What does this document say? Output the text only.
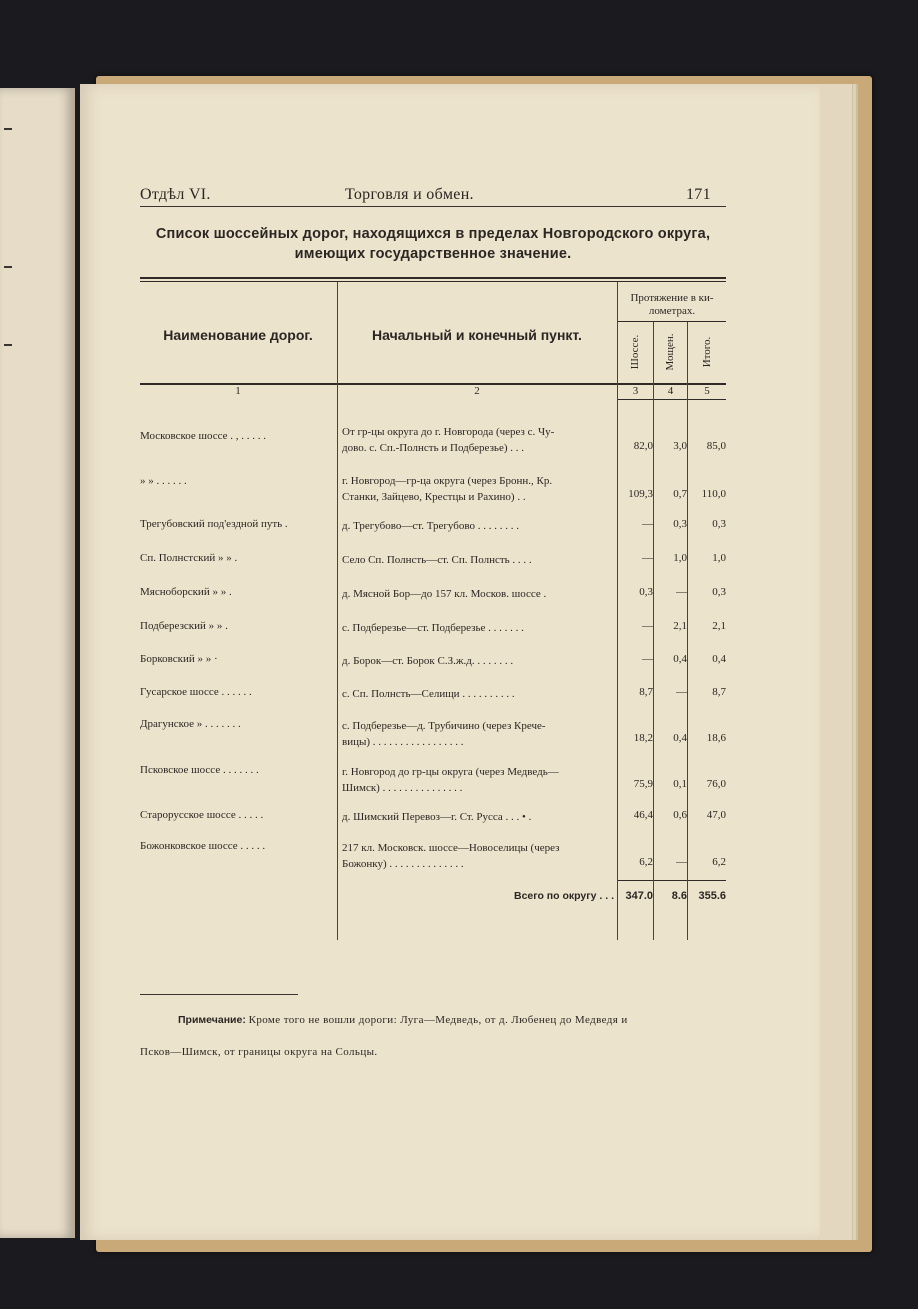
Отдѣл VI.	Торговля и обмен.	171
Список шоссейных дорог, находящихся в пределах Новгородского округа,
имеющих государственное значение.
Наименование дорог.	Начальный и конечный пункт.
Протяжение в ки-
лометрах.
Шоссе. Мощен. Итого.
1	2	3	4	5
Московское шоссе . , . . . . .	От гр-цы округа до г. Новгорода (через с. Чу-
дово. с. Сп.-Полнсть и Подберезье) . . .	82,0	3,0	85,0
» » . . . . . .	г. Новгород—гр-ца округа (через Бронн., Кр.
Станки, Зайцево, Крестцы и Рахино) . .	109,3	0,7	110,0
Трегубовский под'ездной путь .	д. Трегубово—ст. Трегубово . . . . . . . .	—	0,3	0,3
Сп. Полнстский » » .	Село Сп. Полнсть—ст. Сп. Полнсть . . . .	—	1,0	1,0
Мяснoборский » » .	д. Мясной Бор—до 157 кл. Москов. шоссе .	0,3	—	0,3
Подберезский » » .	с. Подберезье—ст. Подберезье . . . . . . .	—	2,1	2,1
Борковский » » ·	д. Борок—ст. Борок С.З.ж.д. . . . . . . .	—	0,4	0,4
Гусарское шоссе . . . . . .	с. Сп. Полнсть—Селищи . . . . . . . . . .	8,7	—	8,7
Драгунское » . . . . . . .	с. Подберезье—д. Трубичино (через Крече-
вицы) . . . . . . . . . . . . . . . . .	18,2	0,4	18,6
Псковское шоссе . . . . . . .	г. Новгород до гр-цы округа (через Медведь—
Шимск) . . . . . . . . . . . . . . .	75,9	0,1	76,0
Старорусское шоссе . . . . .	д. Шимский Перевоз—г. Ст. Русса . . . • .	46,4	0,6	47,0
Божонковское шоссе . . . . .	217 кл. Московск. шоссе—Новоселицы (через
Божонку) . . . . . . . . . . . . . .	6,2	—	6,2
Всего по округу . . .	347.0	8.6	355.6
Примечание: Кроме того не вошли дороги: Луга—Медведь, от д. Любенец до Медведя и
Псков—Шимск, от границы округа на Сольцы.
